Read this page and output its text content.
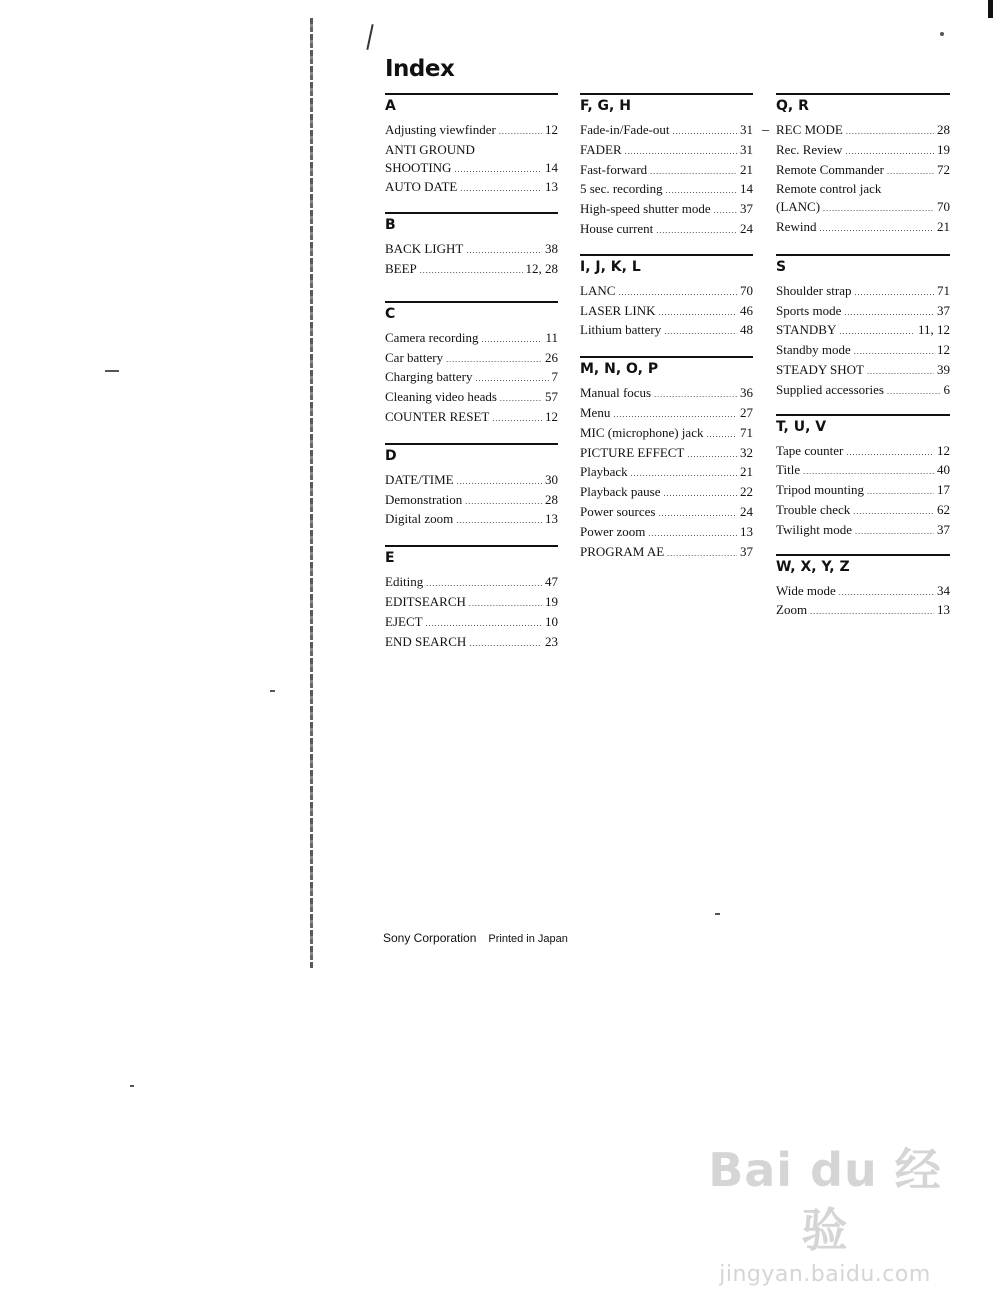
Index
A
Adjusting viewfinder .....	12
ANTI GROUND
SHOOTING .....	14
AUTO DATE .....	13
B
BACK LIGHT .....	38
BEEP .....	12, 28
C
Camera recording .....	11
Car battery .....	26
Charging battery .....	7
Cleaning video heads .....	57
COUNTER RESET .....	12
D
DATE/TIME .....	30
Demonstration .....	28
Digital zoom .....	13
E
Editing .....	47
EDITSEARCH .....	19
EJECT .....	10
END SEARCH .....	23
F, G, H
Fade-in/Fade-out .....	31
FADER .....	31
Fast-forward .....	21
5 sec. recording .....	14
High-speed shutter mode ..... 37
House current .....	24
I, J, K, L
LANC .....	70
LASER LINK .....	46
Lithium battery .....	48
M, N, O, P
Manual focus .....	36
Menu .....	27
MIC (microphone) jack .....	71
PICTURE EFFECT .....	32
Playback .....	21
Playback pause .....	22
Power sources .....	24
Power zoom .....	13
PROGRAM AE .....	37
Q, R
REC MODE .....	28
Rec. Review .....	19
Remote Commander .....	72
Remote control jack
(LANC) .....	70
Rewind .....	21
S
Shoulder strap .....	71
Sports mode .....	37
STANDBY .....	11, 12
Standby mode .....	12
STEADY SHOT .....	39
Supplied accessories .....	6
T, U, V
Tape counter .....	12
Title .....	40
Tripod mounting .....	17
Trouble check .....	62
Twilight mode .....	37
W, X, Y, Z
Wide mode .....	34
Zoom .....	13
Sony Corporation Printed in Japan
Bai du 经验
jingyan.baidu.com
